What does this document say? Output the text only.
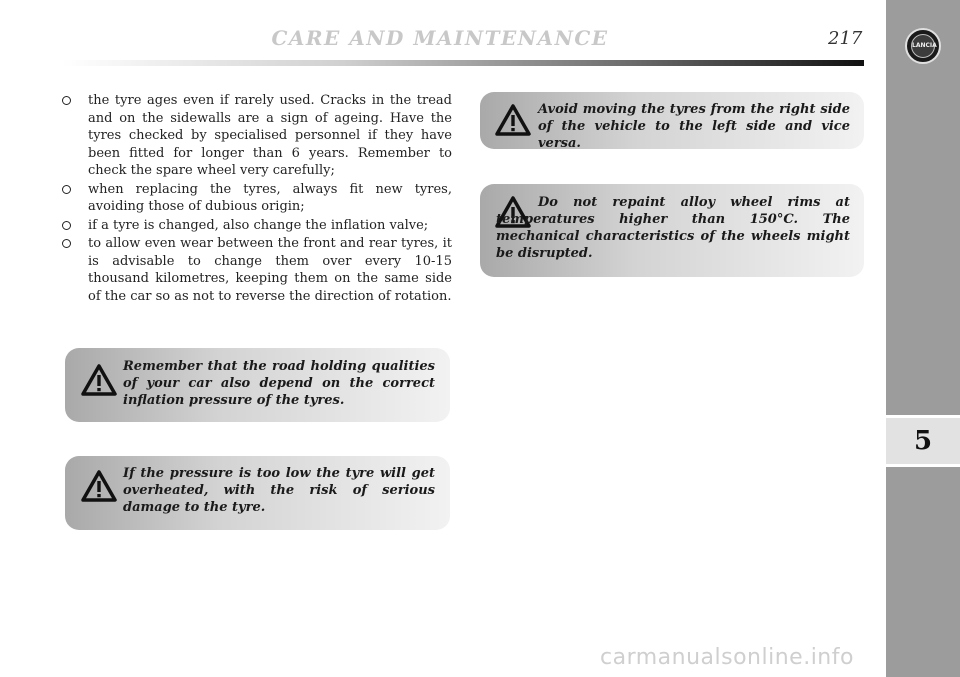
CARE AND MAINTENANCE	217	LANCIA
5
the tyre ages even if rarely used. Cracks in the tread and on the sidewalls are a sign of ageing. Have the tyres checked by specialised personnel if they have been fitted for longer than 6 years. Remember to check the spare wheel very carefully;
when replacing the tyres, always fit new tyres, avoiding those of dubious origin;
if a tyre is changed, also change the inflation valve;
to allow even wear between the front and rear tyres, it is advisable to change them over every 10-15 thousand kilometres, keeping them on the same side of the car so as not to reverse the direction of rotation.
Remember that the road holding qualities of your car also depend on the correct inflation pressure of the tyres.
If the pressure is too low the tyre will get overheated, with the risk of serious damage to the tyre.
Avoid moving the tyres from the right side of the vehicle to the left side and vice versa.
Do not repaint alloy wheel rims at temperatures higher than 150°C. The mechanical characteristics of the wheels might be disrupted.
carmanualsonline.info
